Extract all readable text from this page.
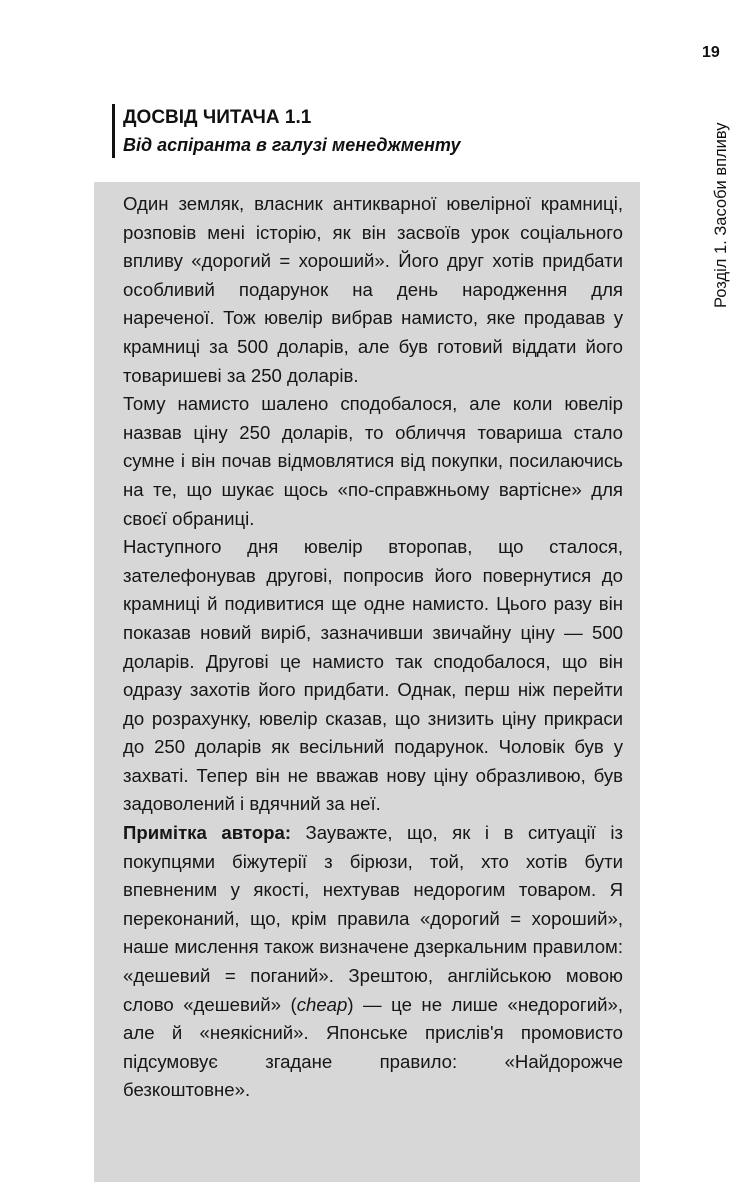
19
Розділ 1. Засоби впливу
ДОСВІД ЧИТАЧА 1.1
Від аспіранта в галузі менеджменту

Один земляк, власник антикварної ювелірної крамниці, розповів мені історію, як він засвоїв урок соціального впливу «дорогий = хороший». Його друг хотів придбати особливий подарунок на день народження для нареченої. Тож ювелір вибрав намисто, яке продавав у крамниці за 500 доларів, але був готовий віддати його товаришеві за 250 доларів.

Тому намисто шалено сподобалося, але коли ювелір назвав ціну 250 доларів, то обличчя товариша стало сумне і він почав відмовлятися від покупки, посилаючись на те, що шукає щось «по-справжньому вартісне» для своєї обраниці.

Наступного дня ювелір второпав, що сталося, зателефонував другові, попросив його повернутися до крамниці й подивитися ще одне намисто. Цього разу він показав новий виріб, зазначивши звичайну ціну — 500 доларів. Другові це намисто так сподобалося, що він одразу захотів його придбати. Однак, перш ніж перейти до розрахунку, ювелір сказав, що знизить ціну прикраси до 250 доларів як весільний подарунок. Чоловік був у захваті. Тепер він не вважав нову ціну образливою, був задоволений і вдячний за неї.

Примітка автора: Зауважте, що, як і в ситуації із покупцями біжутерії з бірюзи, той, хто хотів бути впевненим у якості, нехтував недорогим товаром. Я переконаний, що, крім правила «дорогий = хороший», наше мислення також визначене дзеркальним правилом: «дешевий = поганий». Зрештою, англійською мовою слово «дешевий» (cheap) — це не лише «недорогий», але й «неякісний». Японське прислів'я промовисто підсумовує згадане правило: «Найдорожче безкоштовне».
